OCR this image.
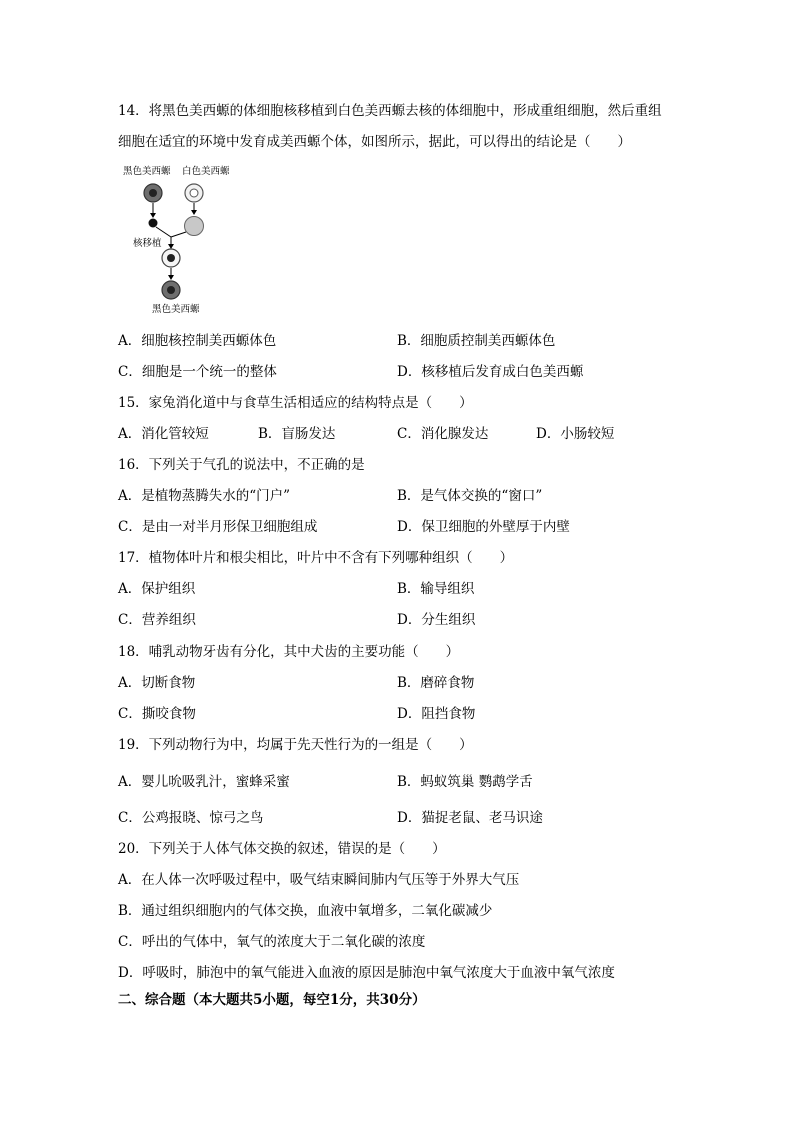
14．将黑色美西螈的体细胞核移植到白色美西螈去核的体细胞中，形成重组细胞，然后重组
细胞在适宜的环境中发育成美西螈个体，如图所示，据此，可以得出的结论是（　　）
黑色美西螈 白色美西螈
核移植
黑色美西螈
A．细胞核控制美西螈体色	B．细胞质控制美西螈体色
C．细胞是一个统一的整体	D．核移植后发育成白色美西螈
15．家兔消化道中与食草生活相适应的结构特点是（　　）
A．消化管较短	B．盲肠发达	C．消化腺发达	D．小肠较短
16．下列关于气孔的说法中，不正确的是
A．是植物蒸腾失水的“门户”	B．是气体交换的“窗口”
C．是由一对半月形保卫细胞组成	D．保卫细胞的外壁厚于内壁
17．植物体叶片和根尖相比，叶片中不含有下列哪种组织（　　）
A．保护组织	B．输导组织
C．营养组织	D．分生组织
18．哺乳动物牙齿有分化，其中犬齿的主要功能（　　）
A．切断食物	B．磨碎食物
C．撕咬食物	D．阻挡食物
19．下列动物行为中，均属于先天性行为的一组是（　　）
A．婴儿吮吸乳汁，蜜蜂采蜜	B．蚂蚁筑巢 鹦鹉学舌
C．公鸡报晓、惊弓之鸟	D．猫捉老鼠、老马识途
20．下列关于人体气体交换的叙述，错误的是（　　）
A．在人体一次呼吸过程中，吸气结束瞬间肺内气压等于外界大气压
B．通过组织细胞内的气体交换，血液中氧增多，二氧化碳减少
C．呼出的气体中，氧气的浓度大于二氧化碳的浓度
D．呼吸时，肺泡中的氧气能进入血液的原因是肺泡中氧气浓度大于血液中氧气浓度
二、综合题（本大题共5小题，每空1分，共30分）
